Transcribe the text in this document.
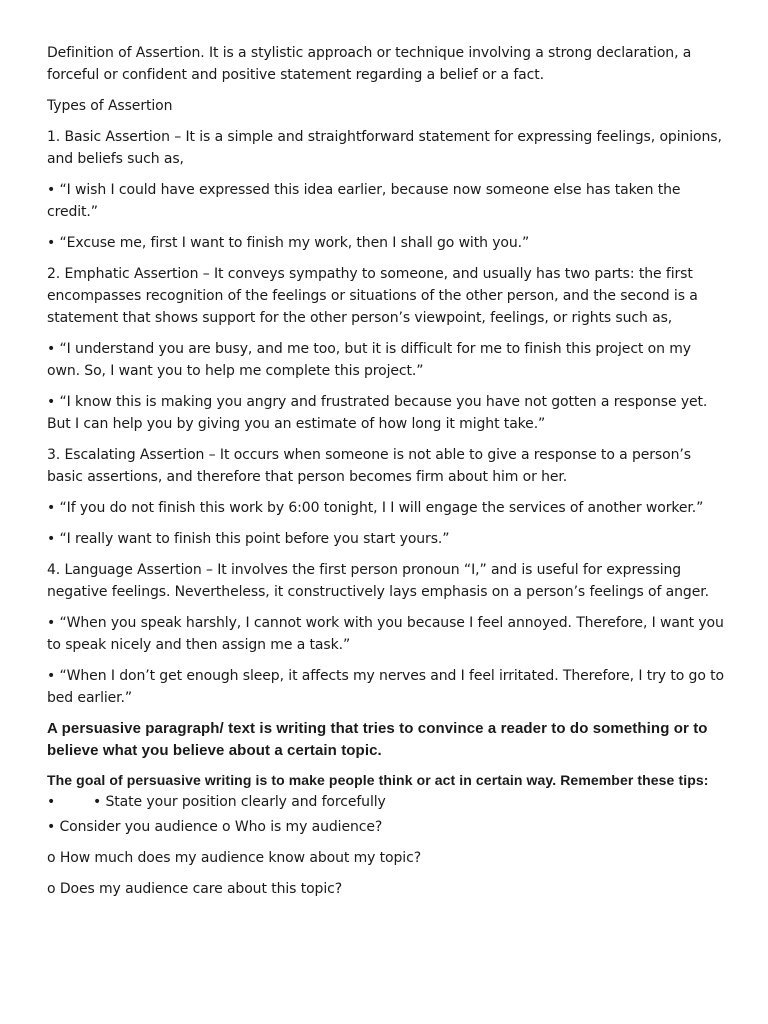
Definition of Assertion. It is a stylistic approach or technique involving a strong declaration, a forceful or confident and positive statement regarding a belief or a fact.

Types of Assertion

1. Basic Assertion – It is a simple and straightforward statement for expressing feelings, opinions, and beliefs such as,

• “I wish I could have expressed this idea earlier, because now someone else has taken the credit.”

• “Excuse me, first I want to finish my work, then I shall go with you.”

2. Emphatic Assertion – It conveys sympathy to someone, and usually has two parts: the first encompasses recognition of the feelings or situations of the other person, and the second is a statement that shows support for the other person’s viewpoint, feelings, or rights such as,

• “I understand you are busy, and me too, but it is difficult for me to finish this project on my own. So, I want you to help me complete this project.”

• “I know this is making you angry and frustrated because you have not gotten a response yet. But I can help you by giving you an estimate of how long it might take.”

3. Escalating Assertion – It occurs when someone is not able to give a response to a person’s basic assertions, and therefore that person becomes firm about him or her.

• “If you do not finish this work by 6:00 tonight, I I will engage the services of another worker.”

• “I really want to finish this point before you start yours.”

4. Language Assertion – It involves the first person pronoun “I,” and is useful for expressing negative feelings. Nevertheless, it constructively lays emphasis on a person’s feelings of anger.

• “When you speak harshly, I cannot work with you because I feel annoyed. Therefore, I want you to speak nicely and then assign me a task.”

• “When I don’t get enough sleep, it affects my nerves and I feel irritated. Therefore, I try to go to bed earlier.”

A persuasive paragraph/ text is writing that tries to convince a reader to do something or to believe what you believe about a certain topic.

The goal of persuasive writing is to make people think or act in certain way. Remember these tips:

•	• State your position clearly and forcefully

• Consider you audience o Who is my audience?

o How much does my audience know about my topic?

o Does my audience care about this topic?
